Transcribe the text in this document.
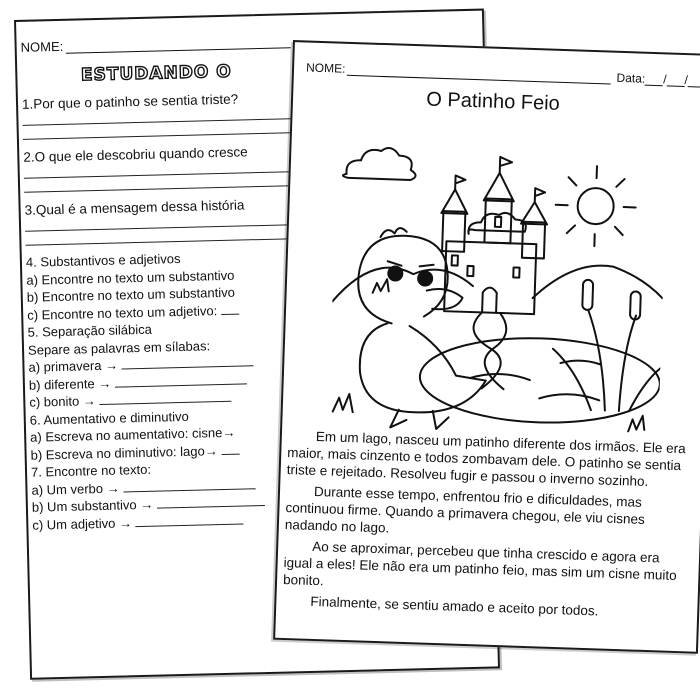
NOME:
ESTUDANDO O
1.Por que o patinho se sentia triste?
2.O que ele descobriu quando cresce
3.Qual é a mensagem dessa história
4. Substantivos e adjetivos
a) Encontre no texto um substantivo
b) Encontre no texto um substantivo
c) Encontre no texto um adjetivo:
5. Separação silábica
Separe as palavras em sílabas:
a) primavera →
b) diferente →
c) bonito →
6. Aumentativo e diminutivo
a) Escreva no aumentativo: cisne→
b) Escreva no diminutivo: lago→
7. Encontre no texto:
a) Um verbo →
b) Um substantivo →
c) Um adjetivo →
NOME:
Data: / /
O Patinho Feio

Em um lago, nasceu um patinho diferente dos irmãos. Ele era maior, mais cinzento e todos zombavam dele. O patinho se sentia triste e rejeitado. Resolveu fugir e passou o inverno sozinho.

Durante esse tempo, enfrentou frio e dificuldades, mas continuou firme. Quando a primavera chegou, ele viu cisnes nadando no lago.

Ao se aproximar, percebeu que tinha crescido e agora era igual a eles! Ele não era um patinho feio, mas sim um cisne muito bonito.

Finalmente, se sentiu amado e aceito por todos.
